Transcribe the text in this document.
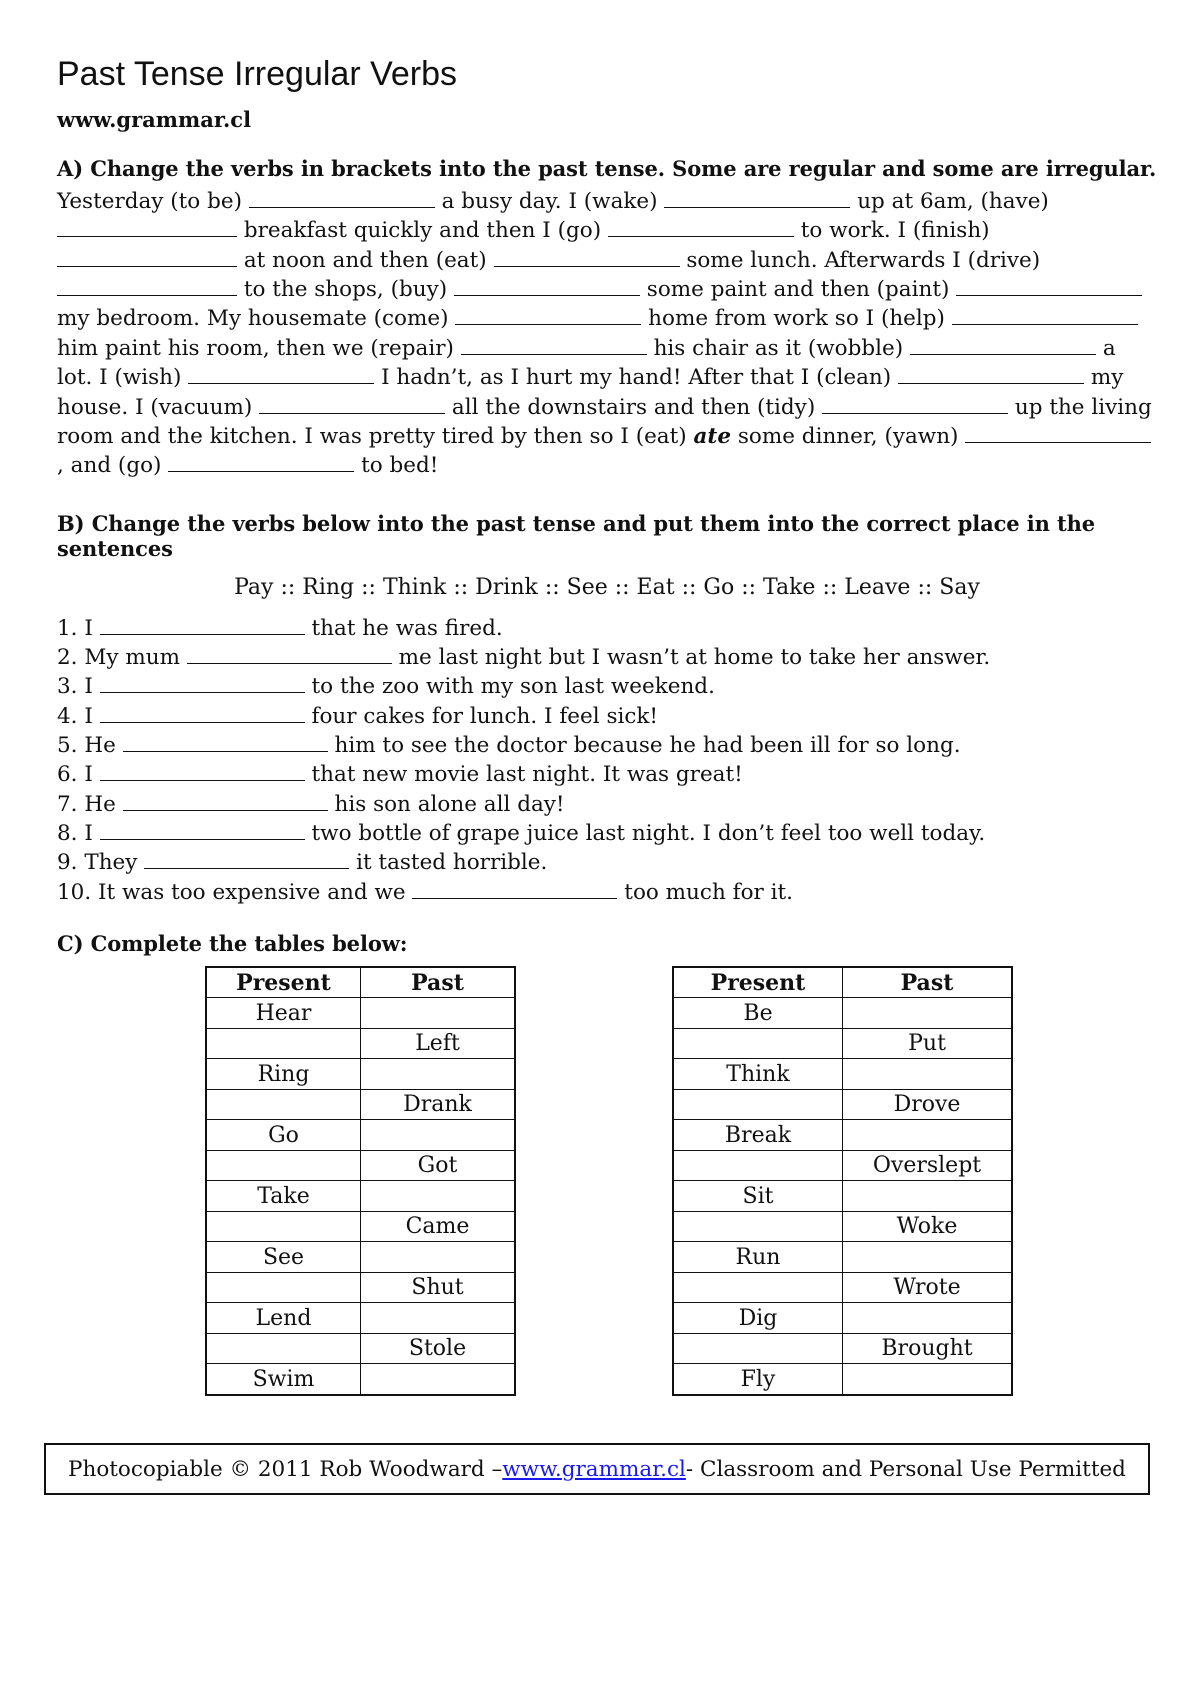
Past Tense Irregular Verbs
www.grammar.cl
A) Change the verbs in brackets into the past tense. Some are regular and some are irregular.
Yesterday (to be)	a busy day. I (wake)	up at 6am, (have)  breakfast quickly and then I (go)	to work. I (finish)  at noon and then (eat)	some lunch. Afterwards I (drive)  to the shops, (buy)	some paint and then (paint)  my bedroom. My housemate (come)	home from work so I (help)  him paint his room, then we (repair)	his chair as it (wobble)	a lot. I (wish)	I hadn’t, as I hurt my hand! After that I (clean)	my house. I (vacuum)	all the downstairs and then (tidy)	up the living room and the kitchen. I was pretty tired by then so I (eat) ate some dinner, (yawn) , and (go)	to bed!
B) Change the verbs below into the past tense and put them into the correct place in the sentences
Pay :: Ring :: Think :: Drink :: See :: Eat :: Go :: Take :: Leave :: Say
1. I	that he was fired.
2. My mum	me last night but I wasn’t at home to take her answer.
3. I	to the zoo with my son last weekend.
4. I	four cakes for lunch. I feel sick!
5. He	him to see the doctor because he had been ill for so long.
6. I	that new movie last night. It was great!
7. He	his son alone all day!
8. I	two bottle of grape juice last night. I don’t feel too well today.
9. They	it tasted horrible.
10. It was too expensive and we	too much for it.
C) Complete the tables below:
Present	Past
Hear	
	Left
Ring	
	Drank
Go	
	Got
Take	
	Came
See	
	Shut
Lend	
	Stole
Swim	
Present	Past
Be	
	Put
Think	
	Drove
Break	
	Overslept
Sit	
	Woke
Run	
	Wrote
Dig	
	Brought
Fly	
Photocopiable © 2011 Rob Woodward – www.grammar.cl - Classroom and Personal Use Permitted
